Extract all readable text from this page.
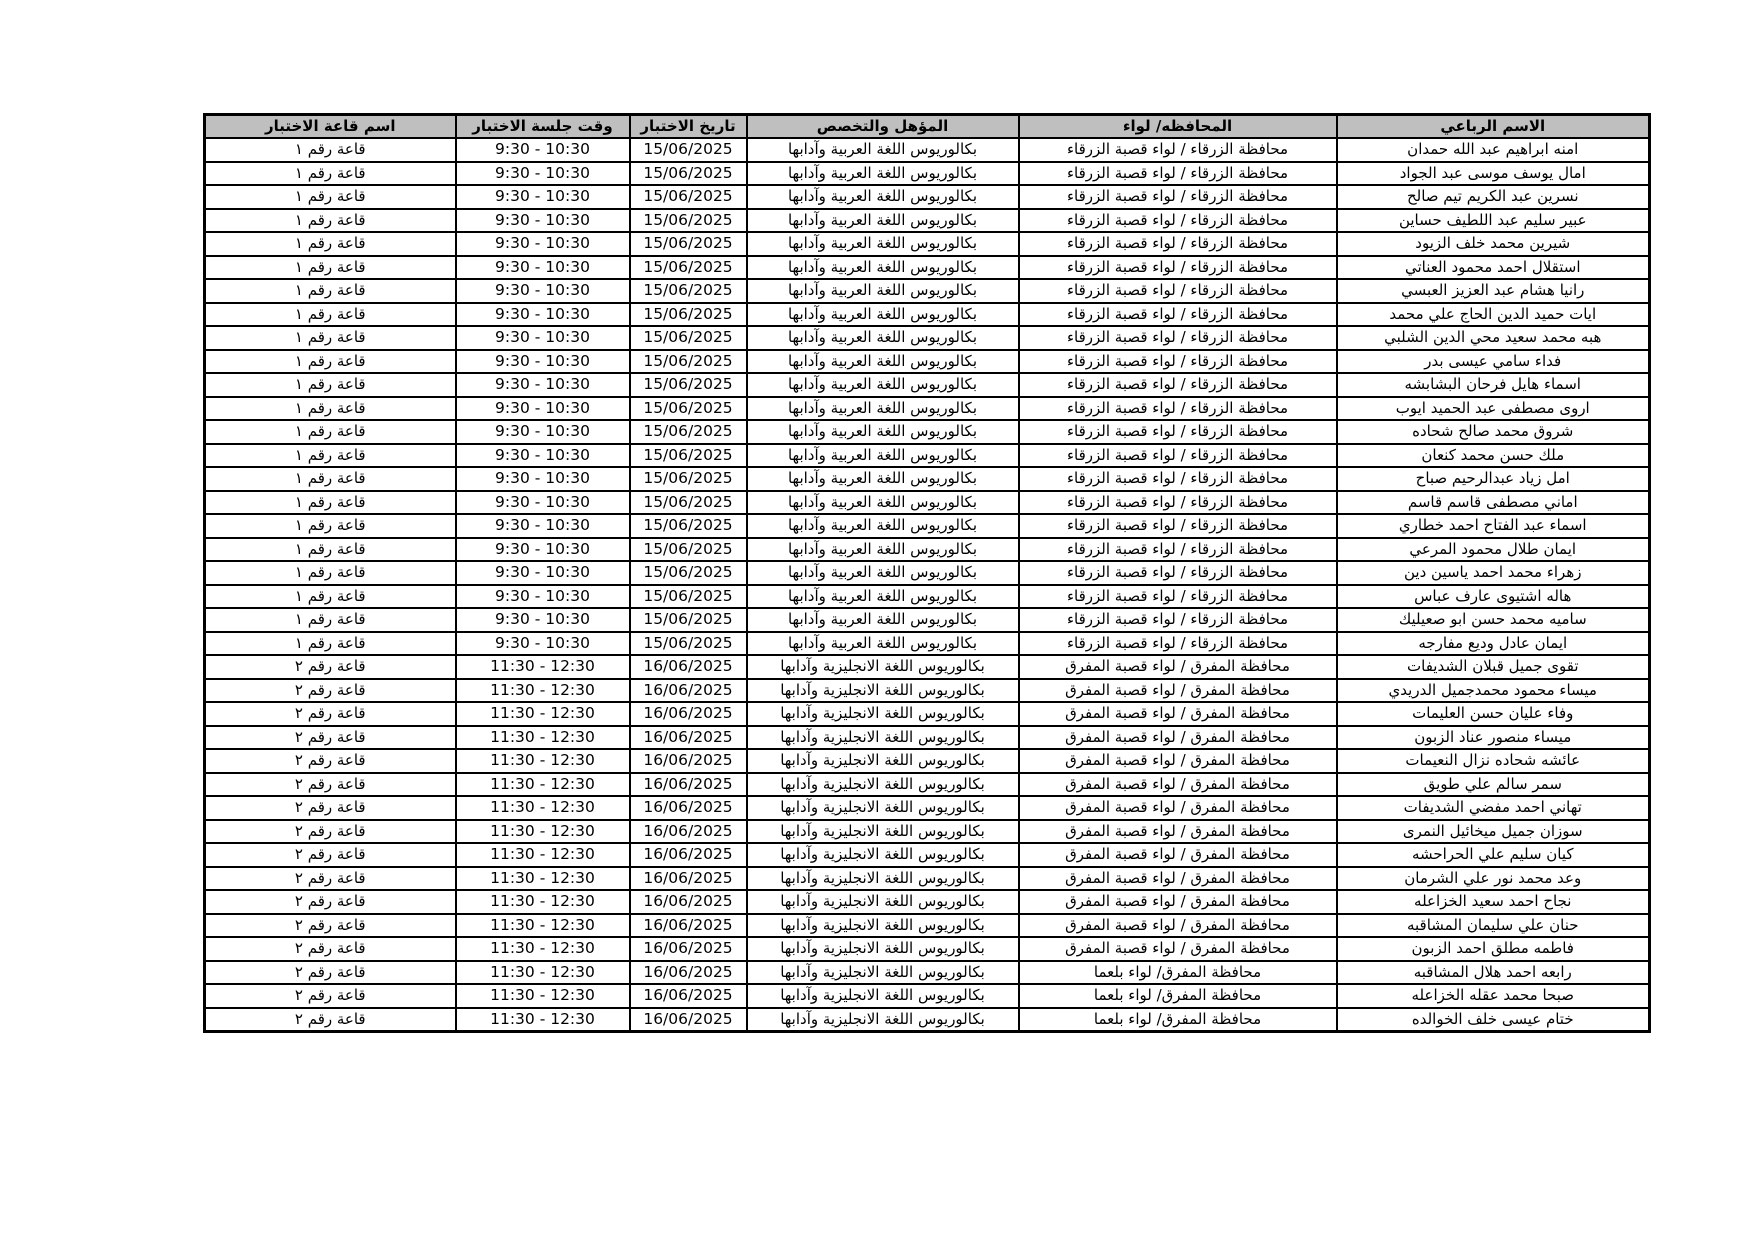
الاسم الرباعي	المحافظه/ لواء	المؤهل والتخصص	تاريخ الاختبار	وقت جلسة الاختبار	اسم قاعة الاختبار
امنه ابراهيم عبد الله حمدان	محافظة الزرقاء / لواء قصبة الزرقاء	بكالوريوس اللغة العربية وآدابها	15/06/2025	9:30 - 10:30	قاعة رقم ١
امال يوسف موسى عبد الجواد	محافظة الزرقاء / لواء قصبة الزرقاء	بكالوريوس اللغة العربية وآدابها	15/06/2025	9:30 - 10:30	قاعة رقم ١
نسرين عبد الكريم تيم صالح	محافظة الزرقاء / لواء قصبة الزرقاء	بكالوريوس اللغة العربية وآدابها	15/06/2025	9:30 - 10:30	قاعة رقم ١
عبير سليم عبد اللطيف حساين	محافظة الزرقاء / لواء قصبة الزرقاء	بكالوريوس اللغة العربية وآدابها	15/06/2025	9:30 - 10:30	قاعة رقم ١
شيرين محمد خلف الزيود	محافظة الزرقاء / لواء قصبة الزرقاء	بكالوريوس اللغة العربية وآدابها	15/06/2025	9:30 - 10:30	قاعة رقم ١
استقلال احمد محمود العناتي	محافظة الزرقاء / لواء قصبة الزرقاء	بكالوريوس اللغة العربية وآدابها	15/06/2025	9:30 - 10:30	قاعة رقم ١
رانيا هشام عبد العزيز العبسي	محافظة الزرقاء / لواء قصبة الزرقاء	بكالوريوس اللغة العربية وآدابها	15/06/2025	9:30 - 10:30	قاعة رقم ١
ايات حميد الدين الحاج علي محمد	محافظة الزرقاء / لواء قصبة الزرقاء	بكالوريوس اللغة العربية وآدابها	15/06/2025	9:30 - 10:30	قاعة رقم ١
هبه محمد سعيد محي الدين الشلبي	محافظة الزرقاء / لواء قصبة الزرقاء	بكالوريوس اللغة العربية وآدابها	15/06/2025	9:30 - 10:30	قاعة رقم ١
فداء سامي عيسى بدر	محافظة الزرقاء / لواء قصبة الزرقاء	بكالوريوس اللغة العربية وآدابها	15/06/2025	9:30 - 10:30	قاعة رقم ١
اسماء هايل فرحان البشابشه	محافظة الزرقاء / لواء قصبة الزرقاء	بكالوريوس اللغة العربية وآدابها	15/06/2025	9:30 - 10:30	قاعة رقم ١
اروى مصطفى عبد الحميد ايوب	محافظة الزرقاء / لواء قصبة الزرقاء	بكالوريوس اللغة العربية وآدابها	15/06/2025	9:30 - 10:30	قاعة رقم ١
شروق محمد صالح شحاده	محافظة الزرقاء / لواء قصبة الزرقاء	بكالوريوس اللغة العربية وآدابها	15/06/2025	9:30 - 10:30	قاعة رقم ١
ملك حسن محمد كنعان	محافظة الزرقاء / لواء قصبة الزرقاء	بكالوريوس اللغة العربية وآدابها	15/06/2025	9:30 - 10:30	قاعة رقم ١
امل زياد عبدالرحيم صباح	محافظة الزرقاء / لواء قصبة الزرقاء	بكالوريوس اللغة العربية وآدابها	15/06/2025	9:30 - 10:30	قاعة رقم ١
اماني مصطفى قاسم قاسم	محافظة الزرقاء / لواء قصبة الزرقاء	بكالوريوس اللغة العربية وآدابها	15/06/2025	9:30 - 10:30	قاعة رقم ١
اسماء عبد الفتاح احمد خطاري	محافظة الزرقاء / لواء قصبة الزرقاء	بكالوريوس اللغة العربية وآدابها	15/06/2025	9:30 - 10:30	قاعة رقم ١
ايمان طلال محمود المرعي	محافظة الزرقاء / لواء قصبة الزرقاء	بكالوريوس اللغة العربية وآدابها	15/06/2025	9:30 - 10:30	قاعة رقم ١
زهراء محمد احمد ياسين دين	محافظة الزرقاء / لواء قصبة الزرقاء	بكالوريوس اللغة العربية وآدابها	15/06/2025	9:30 - 10:30	قاعة رقم ١
هاله اشتيوى عارف عباس	محافظة الزرقاء / لواء قصبة الزرقاء	بكالوريوس اللغة العربية وآدابها	15/06/2025	9:30 - 10:30	قاعة رقم ١
ساميه محمد حسن ابو صعيليك	محافظة الزرقاء / لواء قصبة الزرقاء	بكالوريوس اللغة العربية وآدابها	15/06/2025	9:30 - 10:30	قاعة رقم ١
ايمان عادل وديع مفارجه	محافظة الزرقاء / لواء قصبة الزرقاء	بكالوريوس اللغة العربية وآدابها	15/06/2025	9:30 - 10:30	قاعة رقم ١
تقوى جميل قبلان الشديفات	محافظة المفرق / لواء قصبة المفرق	بكالوريوس اللغة الانجليزية وآدابها	16/06/2025	11:30 - 12:30	قاعة رقم ٢
ميساء محمود محمدجميل الدريدي	محافظة المفرق / لواء قصبة المفرق	بكالوريوس اللغة الانجليزية وآدابها	16/06/2025	11:30 - 12:30	قاعة رقم ٢
وفاء عليان حسن العليمات	محافظة المفرق / لواء قصبة المفرق	بكالوريوس اللغة الانجليزية وآدابها	16/06/2025	11:30 - 12:30	قاعة رقم ٢
ميساء منصور عناد الزبون	محافظة المفرق / لواء قصبة المفرق	بكالوريوس اللغة الانجليزية وآدابها	16/06/2025	11:30 - 12:30	قاعة رقم ٢
عائشه شحاده نزال النعيمات	محافظة المفرق / لواء قصبة المفرق	بكالوريوس اللغة الانجليزية وآدابها	16/06/2025	11:30 - 12:30	قاعة رقم ٢
سمر سالم علي طويق	محافظة المفرق / لواء قصبة المفرق	بكالوريوس اللغة الانجليزية وآدابها	16/06/2025	11:30 - 12:30	قاعة رقم ٢
تهاني احمد مفضي الشديفات	محافظة المفرق / لواء قصبة المفرق	بكالوريوس اللغة الانجليزية وآدابها	16/06/2025	11:30 - 12:30	قاعة رقم ٢
سوزان جميل ميخائيل النمرى	محافظة المفرق / لواء قصبة المفرق	بكالوريوس اللغة الانجليزية وآدابها	16/06/2025	11:30 - 12:30	قاعة رقم ٢
كيان سليم علي الحراحشه	محافظة المفرق / لواء قصبة المفرق	بكالوريوس اللغة الانجليزية وآدابها	16/06/2025	11:30 - 12:30	قاعة رقم ٢
وعد محمد نور علي الشرمان	محافظة المفرق / لواء قصبة المفرق	بكالوريوس اللغة الانجليزية وآدابها	16/06/2025	11:30 - 12:30	قاعة رقم ٢
نجاح احمد سعيد الخزاعله	محافظة المفرق / لواء قصبة المفرق	بكالوريوس اللغة الانجليزية وآدابها	16/06/2025	11:30 - 12:30	قاعة رقم ٢
حنان علي سليمان المشاقبه	محافظة المفرق / لواء قصبة المفرق	بكالوريوس اللغة الانجليزية وآدابها	16/06/2025	11:30 - 12:30	قاعة رقم ٢
فاطمه مطلق احمد الزبون	محافظة المفرق / لواء قصبة المفرق	بكالوريوس اللغة الانجليزية وآدابها	16/06/2025	11:30 - 12:30	قاعة رقم ٢
رابعه احمد هلال المشاقبه	محافظة المفرق/ لواء بلعما	بكالوريوس اللغة الانجليزية وآدابها	16/06/2025	11:30 - 12:30	قاعة رقم ٢
صبحا محمد عقله الخزاعله	محافظة المفرق/ لواء بلعما	بكالوريوس اللغة الانجليزية وآدابها	16/06/2025	11:30 - 12:30	قاعة رقم ٢
ختام عيسى خلف الخوالده	محافظة المفرق/ لواء بلعما	بكالوريوس اللغة الانجليزية وآدابها	16/06/2025	11:30 - 12:30	قاعة رقم ٢
